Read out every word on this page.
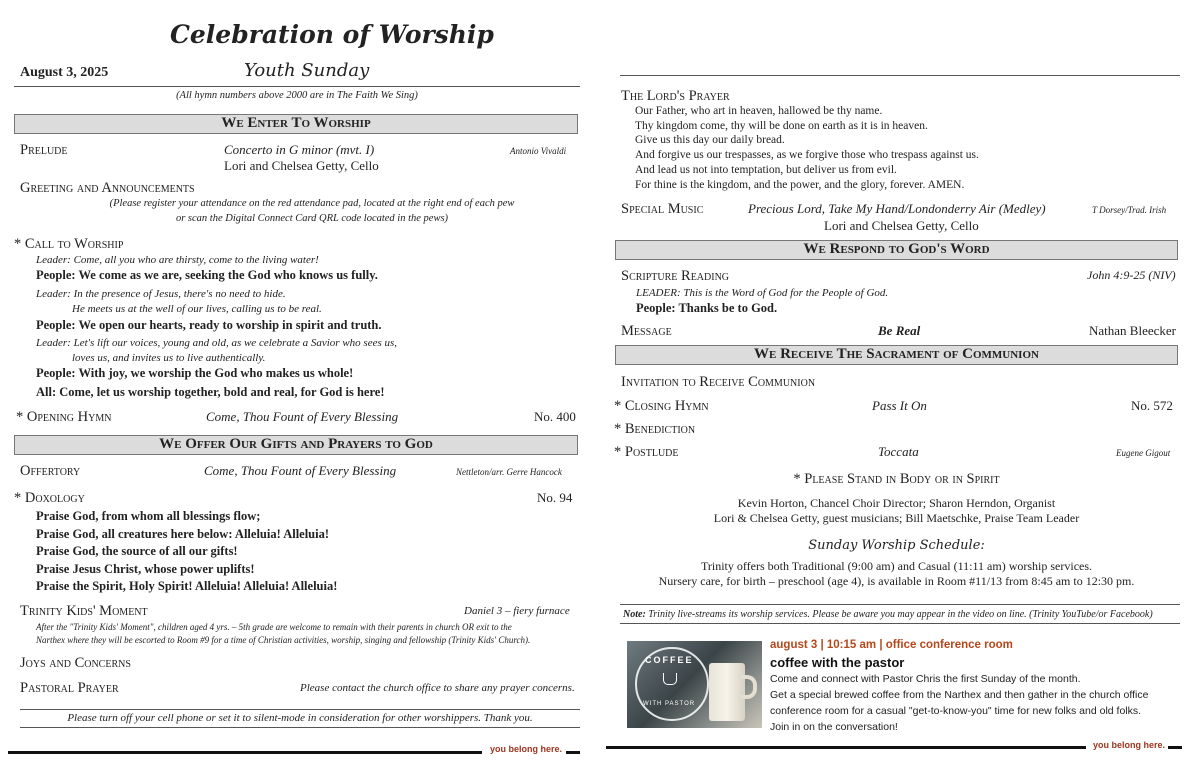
Celebration of Worship
August 3, 2025	Youth Sunday
(All hymn numbers above 2000 are in The Faith We Sing)
We Enter To Worship
Prelude	Concerto in G minor (mvt. I)	Antonio Vivaldi
Lori and Chelsea Getty, Cello
Greeting and Announcements
(Please register your attendance on the red attendance pad, located at the right end of each pew
or scan the Digital Connect Card QRL code located in the pews)
* Call to Worship
Leader: Come, all you who are thirsty, come to the living water!
People: We come as we are, seeking the God who knows us fully.
Leader: In the presence of Jesus, there's no need to hide.
He meets us at the well of our lives, calling us to be real.
People: We open our hearts, ready to worship in spirit and truth.
Leader: Let's lift our voices, young and old, as we celebrate a Savior who sees us,
loves us, and invites us to live authentically.
People: With joy, we worship the God who makes us whole!
All: Come, let us worship together, bold and real, for God is here!
* Opening Hymn	Come, Thou Fount of Every Blessing	No. 400
We Offer Our Gifts and Prayers to God
Offertory	Come, Thou Fount of Every Blessing	Nettleton/arr. Gerre Hancock
* Doxology	No. 94
Praise God, from whom all blessings flow;
Praise God, all creatures here below: Alleluia! Alleluia!
Praise God, the source of all our gifts!
Praise Jesus Christ, whose power uplifts!
Praise the Spirit, Holy Spirit! Alleluia! Alleluia! Alleluia!
Trinity Kids' Moment	Daniel 3 – fiery furnace
After the "Trinity Kids' Moment", children aged 4 yrs. – 5th grade are welcome to remain with their parents in church OR exit to the
Narthex where they will be escorted to Room #9 for a time of Christian activities, worship, singing and fellowship (Trinity Kids' Church).
Joys and Concerns
Pastoral Prayer	Please contact the church office to share any prayer concerns.
Please turn off your cell phone or set it to silent-mode in consideration for other worshippers. Thank you.
you belong here.
The Lord's Prayer
Our Father, who art in heaven, hallowed be thy name.
Thy kingdom come, thy will be done on earth as it is in heaven.
Give us this day our daily bread.
And forgive us our trespasses, as we forgive those who trespass against us.
And lead us not into temptation, but deliver us from evil.
For thine is the kingdom, and the power, and the glory, forever. AMEN.
Special Music	Precious Lord, Take My Hand/Londonderry Air (Medley)	T Dorsey/Trad. Irish
Lori and Chelsea Getty, Cello
We Respond to God's Word
Scripture Reading	John 4:9-25 (NIV)
LEADER: This is the Word of God for the People of God.
People: Thanks be to God.
Message	Be Real	Nathan Bleecker
We Receive The Sacrament of Communion
Invitation to Receive Communion
* Closing Hymn	Pass It On	No. 572
* Benediction
* Postlude	Toccata	Eugene Gigout
* Please Stand in Body or in Spirit
Kevin Horton, Chancel Choir Director; Sharon Herndon, Organist
Lori & Chelsea Getty, guest musicians; Bill Maetschke, Praise Team Leader
Sunday Worship Schedule:
Trinity offers both Traditional (9:00 am) and Casual (11:11 am) worship services.
Nursery care, for birth – preschool (age 4), is available in Room #11/13 from 8:45 am to 12:30 pm.
Note: Trinity live-streams its worship services. Please be aware you may appear in the video on line. (Trinity YouTube/or Facebook)
COFFEE
WITH PASTOR
august 3 | 10:15 am | office conference room
coffee with the pastor
Come and connect with Pastor Chris the first Sunday of the month.
Get a special brewed coffee from the Narthex and then gather in the church office
conference room for a casual "get-to-know-you" time for new folks and old folks.
Join in on the conversation!
you belong here.
